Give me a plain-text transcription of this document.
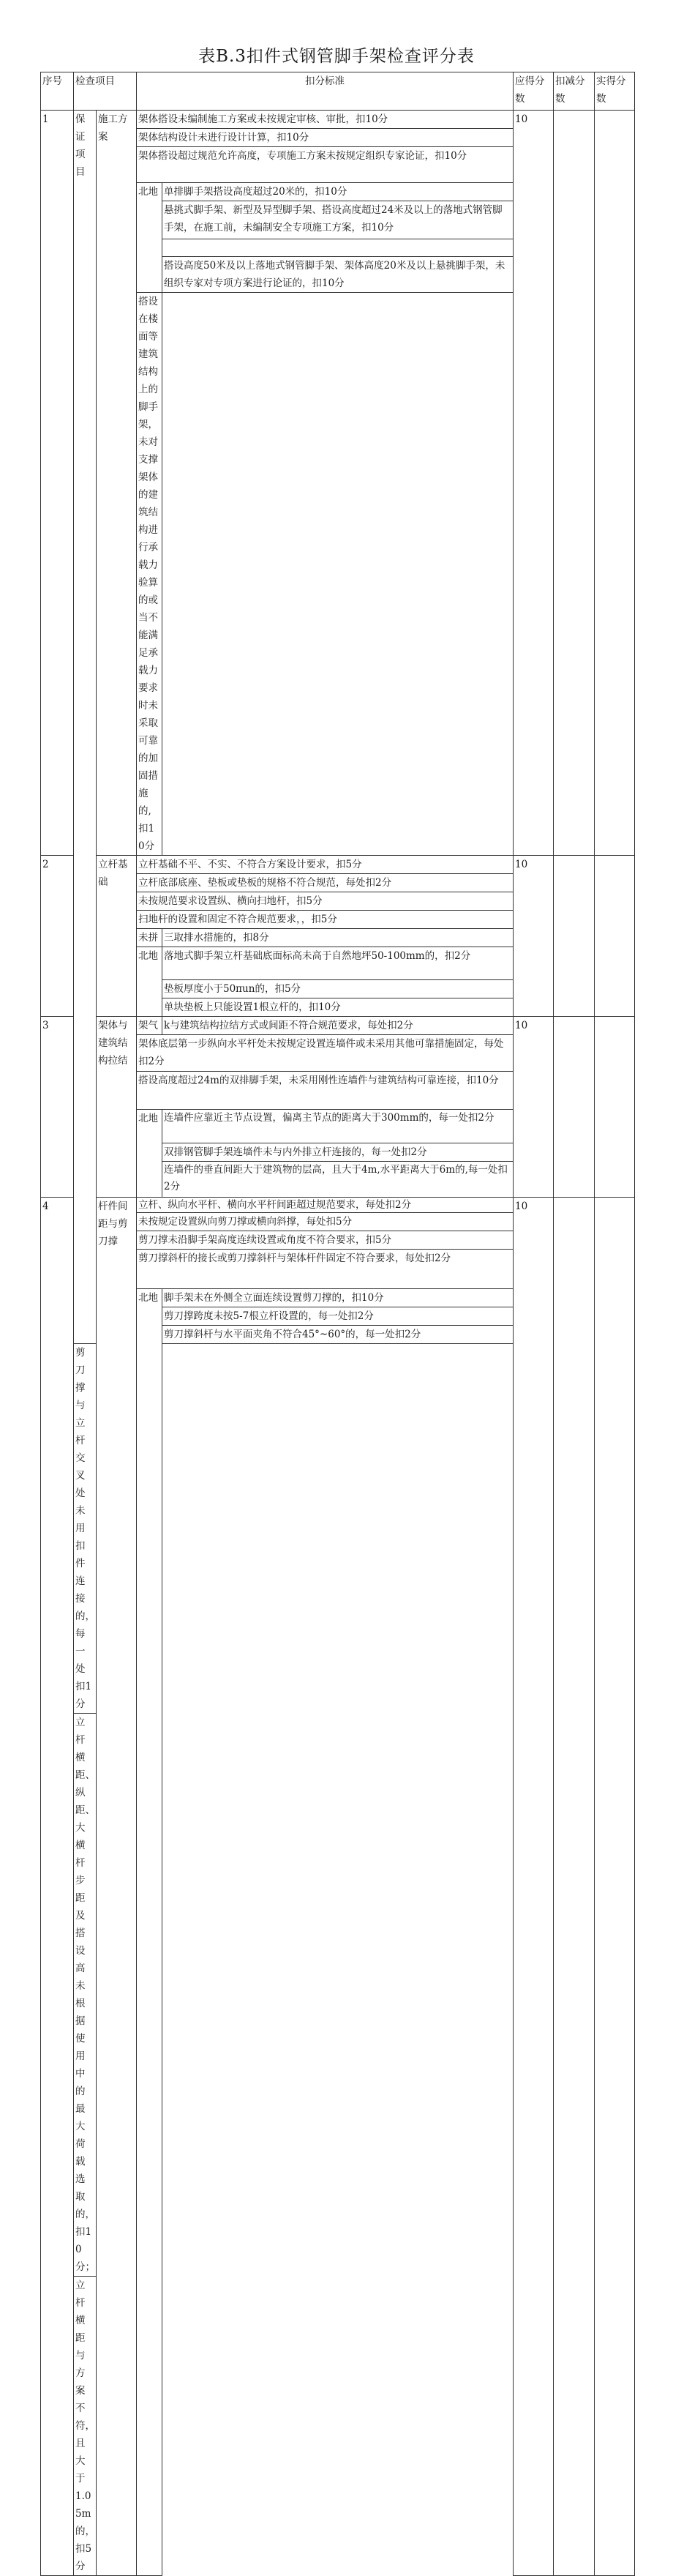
表B.3扣件式钢管脚手架检查评分表
序号	检查项目		扣分标准		应得分数	扣减分数	实得分数
1	保证项目	施工方案	架体搭设未编制施工方案或未按规定审核、审批，扣10分		10		
			架体结构设计未进行设计计算，扣10分				
			架体搭设超过规范允许高度，专项施工方案未按规定组织专家论证，扣10分				
			北地	单排脚手架搭设高度超过20米的，扣10分			
				悬挑式脚手架、新型及异型脚手架、搭设高度超过24米及以上的落地式钢管脚手架，在施工前，未编制安全专项施工方案，扣10分			

				搭设高度50米及以上落地式钢管脚手架、架体高度20米及以上悬挑脚手架，未组织专家对专项方案进行论证的，扣10分			
			搭设在楼面等建筑结构上的脚手架，未对支撑架体的建筑结构进行承载力验算的或当不能满足承载力要求时未采取可靠的加固措施的,扣10分				
2		立杆基础	立杆基础不平、不实、不符合方案设计要求，扣5分		10		
			立杆底部底座、垫板或垫板的规格不符合规范，每处扣2分				
			未按规范要求设置纵、横向扫地杆，扣5分				
			扫地杆的设置和固定不符合规范要求，，扣5分				
			未拼	三取排水措施的，扣8分			
			北地	落地式脚手架立杆基础底面标高未高于自然地坪50-100mm的，扣2分			
				垫板厚度小于50πun的，扣5分			
				单块垫板上只能设置1根立杆的，扣10分			
3		架体与建筑结构拉结	架气	k与建筑结构拉结方式或间距不符合规范要求，每处扣2分	10		
			架体底层第一步纵向水平杆处未按规定设置连墙件或未采用其他可靠措施固定，每处扣2分				
			搭设高度超过24m的双排脚手架，未采用刚性连墙件与建筑结构可靠连接，扣10分				
			北地	连墙件应靠近主节点设置，偏离主节点的距离大于300mm的，每一处扣2分			
				双排钢管脚手架连墙件未与内外排立杆连接的，每一处扣2分			
				连墙件的垂直间距大于建筑物的层高，且大于4m,水平距离大于6m的,每一处扣2分			
4		杆件间距与剪刀撑	立杆、纵向水平杆、横向水平杆间距超过规范要求，每处扣2分		10		
			未按规定设置纵向剪刀撑或横向斜撑，每处扣5分				
			剪刀撑未沿脚手架高度连续设置或角度不符合要求，扣5分				
			剪刀撑斜杆的接长或剪刀撑斜杆与架体杆件固定不符合要求，每处扣2分				
			北地	脚手架未在外侧全立面连续设置剪刀撑的，扣10分			
				剪刀撑跨度未按5-7根立杆设置的，每一处扣2分			
				剪刀撑斜杆与水平面夹角不符合45°~60°的，每一处扣2分			
	剪刀撑与立杆交叉处未用扣件连接的，每一处扣1分						
	立杆横距、纵距、大横杆步距及搭设高未根据使用中的最大荷载选取的，扣10分；						
	立杆横距与方案不符，且大于1.05m的，扣5分						
